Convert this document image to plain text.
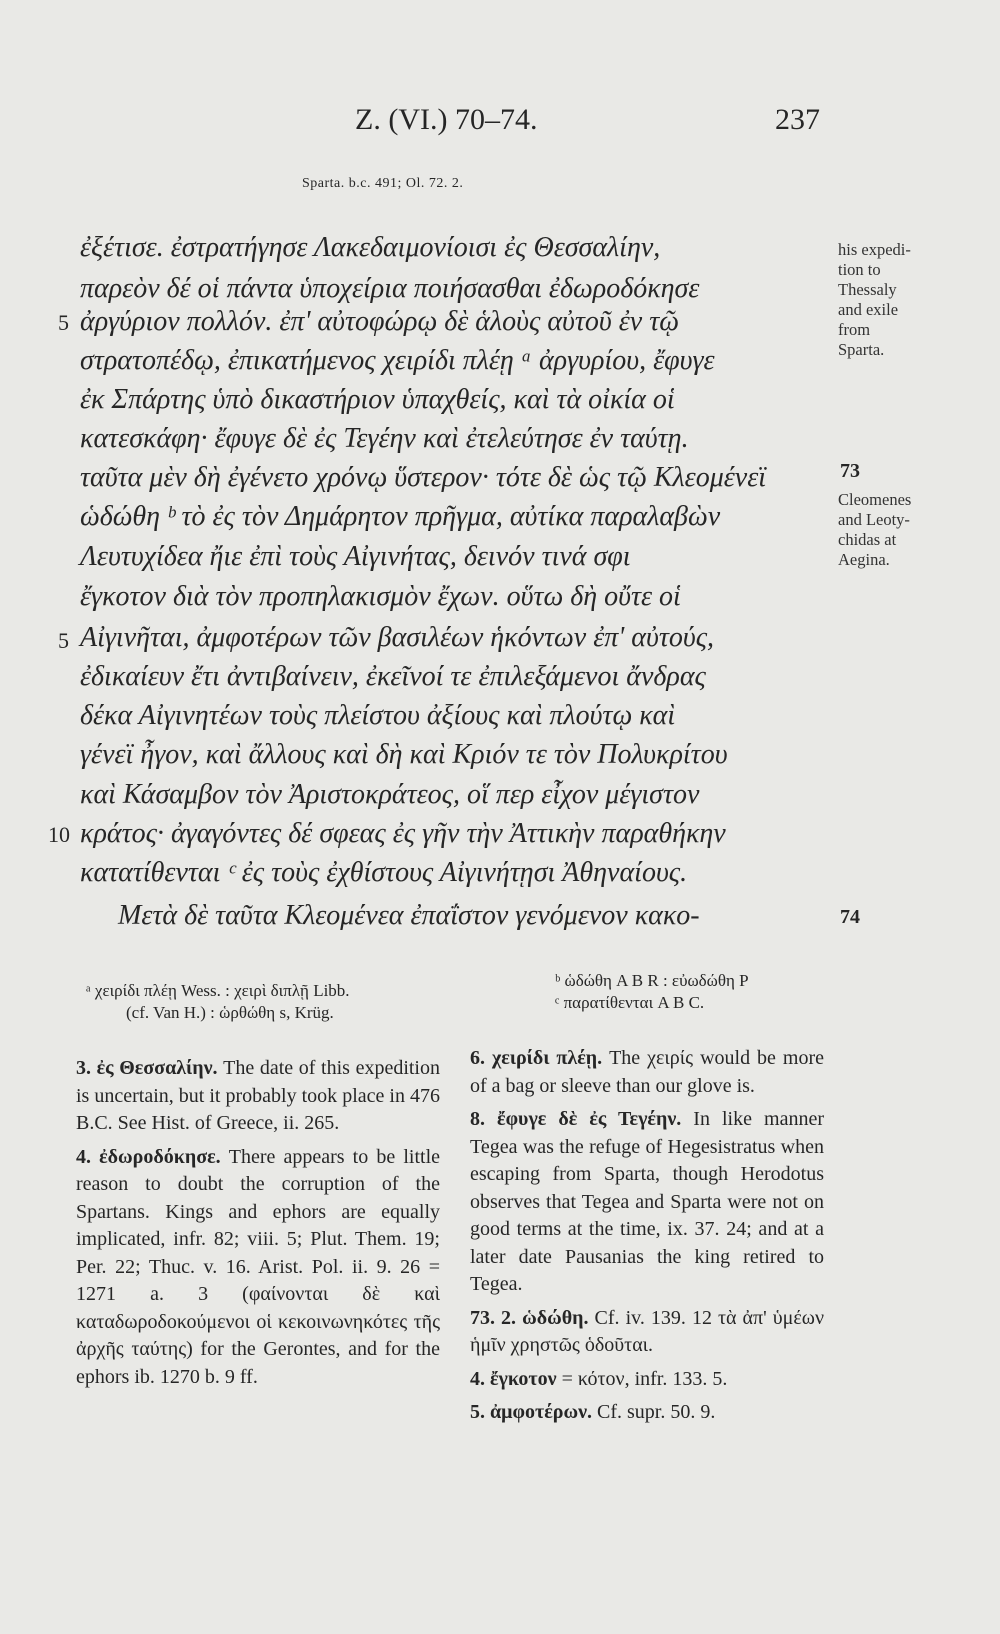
Z. (VI.) 70–74.	237
Sparta. b.c. 491; Ol. 72. 2.
ἐξέτισε. ἐστρατήγησε Λακεδαιμονίοισι ἐς Θεσσαλίην,
παρεὸν δέ οἱ πάντα ὑποχείρια ποιήσασθαι ἐδωροδόκησε
5 ἀργύριον πολλόν. ἐπ' αὐτοφώρῳ δὲ ἁλοὺς αὐτοῦ ἐν τῷ
στρατοπέδῳ, ἐπικατήμενος χειρίδι πλέῃ ᵃ ἀργυρίου, ἔφυγε
ἐκ Σπάρτης ὑπὸ δικαστήριον ὑπαχθείς, καὶ τὰ οἰκία οἱ
κατεσκάφη· ἔφυγε δὲ ἐς Τεγέην καὶ ἐτελεύτησε ἐν ταύτῃ.
ταῦτα μὲν δὴ ἐγένετο χρόνῳ ὕστερον· τότε δὲ ὡς τῷ Κλεομένεϊ
ὡδώθη ᵇ τὸ ἐς τὸν Δημάρητον πρῆγμα, αὐτίκα παραλαβὼν
Λευτυχίδεα ἤιε ἐπὶ τοὺς Αἰγινήτας, δεινόν τινά σφι
ἔγκοτον διὰ τὸν προπηλακισμὸν ἔχων. οὕτω δὴ οὔτε οἱ
5 Αἰγινῆται, ἀμφοτέρων τῶν βασιλέων ἡκόντων ἐπ' αὐτούς,
ἐδικαίευν ἔτι ἀντιβαίνειν, ἐκεῖνοί τε ἐπιλεξάμενοι ἄνδρας
δέκα Αἰγινητέων τοὺς πλείστου ἀξίους καὶ πλούτῳ καὶ
γένεϊ ἦγον, καὶ ἄλλους καὶ δὴ καὶ Κριόν τε τὸν Πολυκρίτου
καὶ Κάσαμβον τὸν Ἀριστοκράτεος, οἵ περ εἶχον μέγιστον
10 κράτος· ἀγαγόντες δέ σφεας ἐς γῆν τὴν Ἀττικὴν παραθήκην
κατατίθενται ᶜ ἐς τοὺς ἐχθίστους Αἰγινήτῃσι Ἀθηναίους.
Μετὰ δὲ ταῦτα Κλεομένεα ἐπαΐστον γενόμενον κακο-
his expedi-
tion to
Thessaly
and exile
from
Sparta.
73
Cleomenes
and Leoty-
chidas at
Aegina.
74
ᵃ χειρίδι πλέῃ Wess. : χειρὶ διπλῇ Libb.
(cf. Van H.) : ὡρθώθη s, Krüg.
ᵇ ὡδώθη A B R : εὐωδώθη P
ᶜ παρατίθενται A B C.
3. ἐς Θεσσαλίην. The date of this expedition is uncertain, but it probably took place in 476 B.C. See Hist. of Greece, ii. 265.
4. ἐδωροδόκησε. There appears to be little reason to doubt the corruption of the Spartans. Kings and ephors are equally implicated, infr. 82; viii. 5; Plut. Them. 19; Per. 22; Thuc. v. 16. Arist. Pol. ii. 9. 26 = 1271 a. 3 (φαίνονται δὲ καὶ καταδωροδοκούμενοι οἱ κεκοινωνηκότες τῆς ἀρχῆς ταύτης) for the Gerontes, and for the ephors ib. 1270 b. 9 ff.
6. χειρίδι πλέῃ. The χειρίς would be more of a bag or sleeve than our glove is.
8. ἔφυγε δὲ ἐς Τεγέην. In like manner Tegea was the refuge of Hegesistratus when escaping from Sparta, though Herodotus observes that Tegea and Sparta were not on good terms at the time, ix. 37. 24; and at a later date Pausanias the king retired to Tegea.
73. 2. ὡδώθη. Cf. iv. 139. 12 τὰ ἀπ' ὑμέων ἡμῖν χρηστῶς ὁδοῦται.
4. ἔγκοτον = κότον, infr. 133. 5.
5. ἀμφοτέρων. Cf. supr. 50. 9.
